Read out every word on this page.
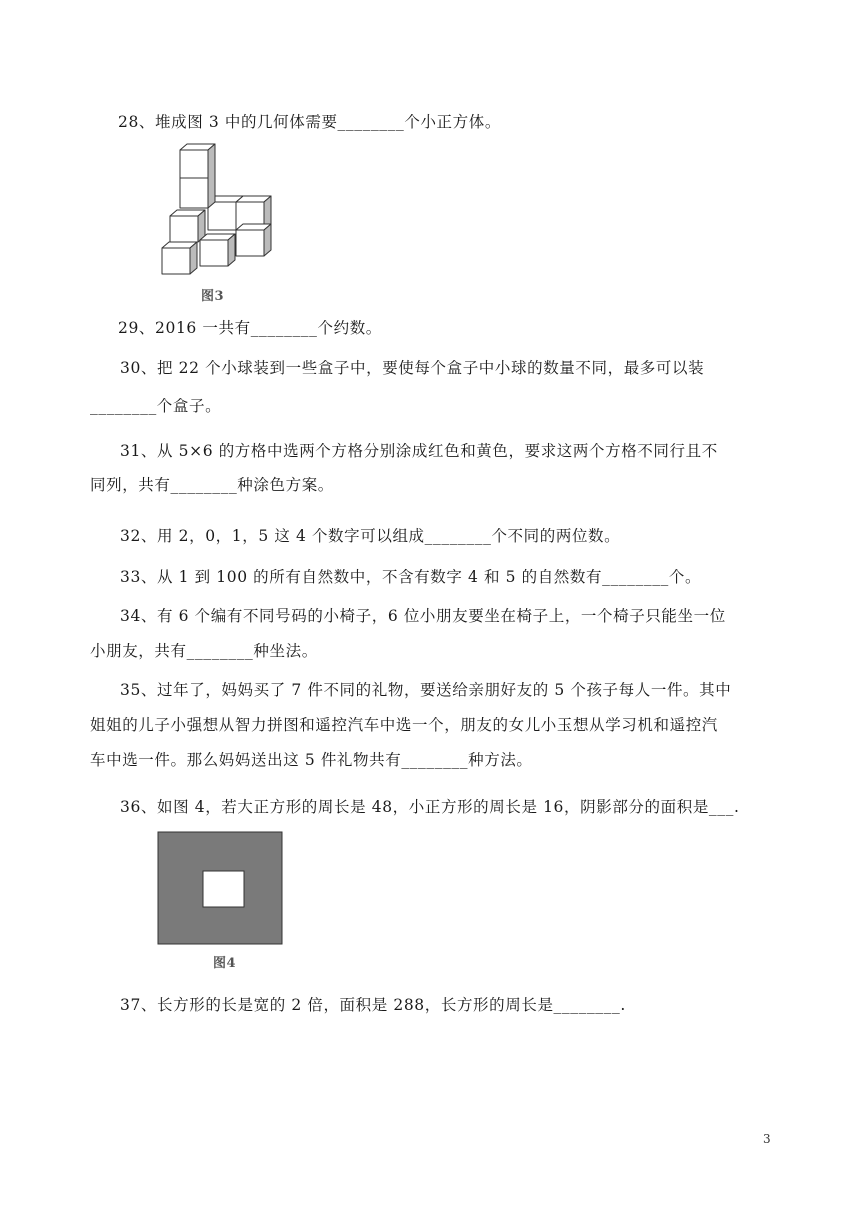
28、堆成图 3 中的几何体需要________个小正方体。
图3
29、2016 一共有________个约数。
30、把 22 个小球装到一些盒子中，要使每个盒子中小球的数量不同，最多可以装
________个盒子。
31、从 5×6 的方格中选两个方格分别涂成红色和黄色，要求这两个方格不同行且不
同列，共有________种涂色方案。
32、用 2，0，1，5 这 4 个数字可以组成________个不同的两位数。
33、从 1 到 100 的所有自然数中，不含有数字 4 和 5 的自然数有________个。
34、有 6 个编有不同号码的小椅子，6 位小朋友要坐在椅子上，一个椅子只能坐一位
小朋友，共有________种坐法。
35、过年了，妈妈买了 7 件不同的礼物，要送给亲朋好友的 5 个孩子每人一件。其中
姐姐的儿子小强想从智力拼图和遥控汽车中选一个，朋友的女儿小玉想从学习机和遥控汽
车中选一件。那么妈妈送出这 5 件礼物共有________种方法。
36、如图 4，若大正方形的周长是 48，小正方形的周长是 16，阴影部分的面积是___.
图4
37、长方形的长是宽的 2 倍，面积是 288，长方形的周长是________.
3
